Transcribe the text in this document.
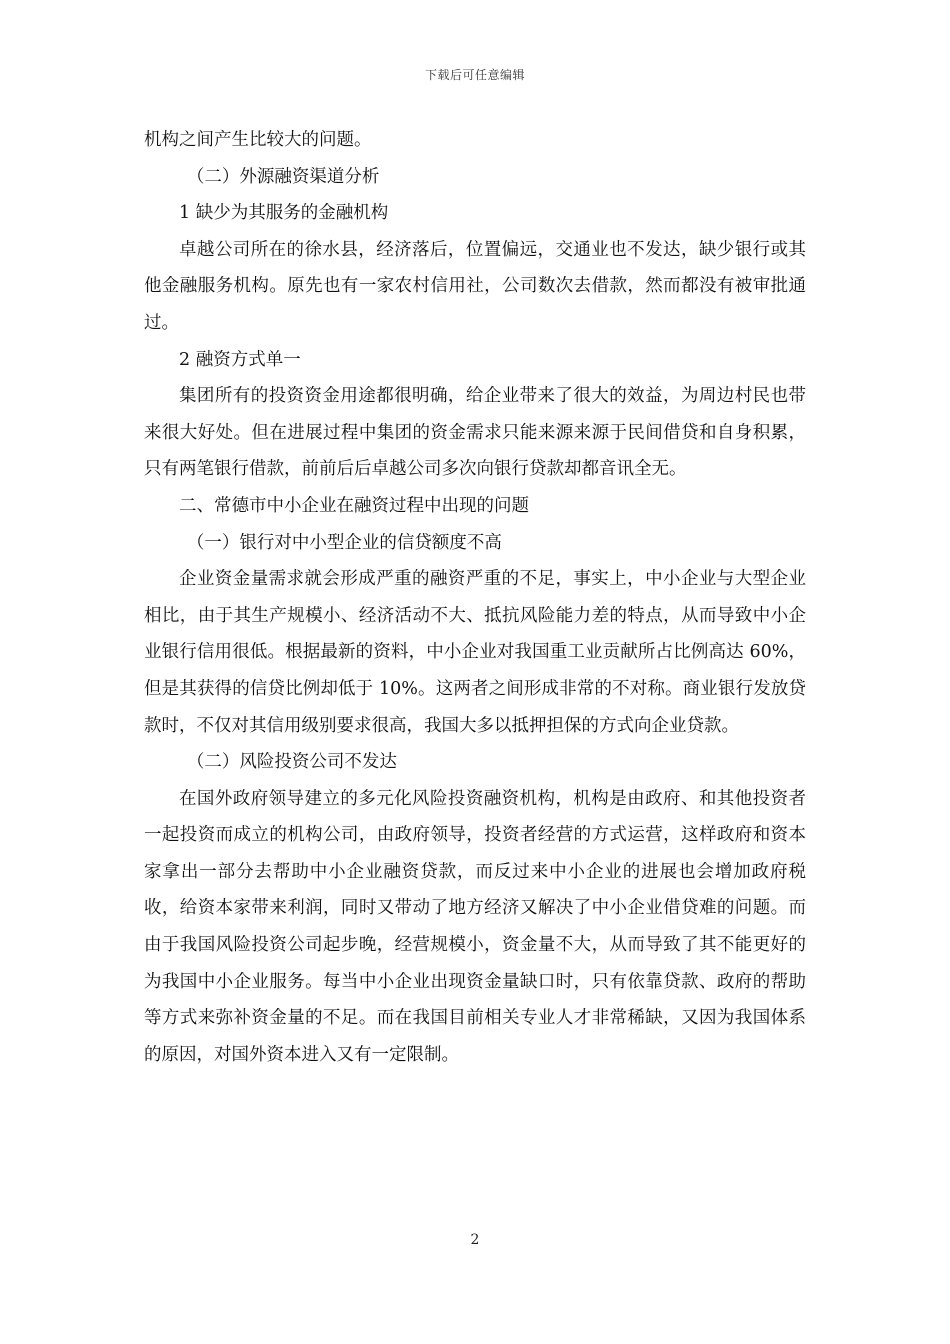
下载后可任意编辑

机构之间产生比较大的问题。

（二）外源融资渠道分析

1 缺少为其服务的金融机构

卓越公司所在的徐水县，经济落后，位置偏远，交通业也不发达，缺少银行或其他金融服务机构。原先也有一家农村信用社，公司数次去借款，然而都没有被审批通过。

2 融资方式单一

集团所有的投资资金用途都很明确，给企业带来了很大的效益，为周边村民也带来很大好处。但在进展过程中集团的资金需求只能来源来源于民间借贷和自身积累，只有两笔银行借款，前前后后卓越公司多次向银行贷款却都音讯全无。

二、常德市中小企业在融资过程中出现的问题

（一）银行对中小型企业的信贷额度不高

企业资金量需求就会形成严重的融资严重的不足，事实上，中小企业与大型企业相比，由于其生产规模小、经济活动不大、抵抗风险能力差的特点，从而导致中小企业银行信用很低。根据最新的资料，中小企业对我国重工业贡献所占比例高达 60%，但是其获得的信贷比例却低于 10%。这两者之间形成非常的不对称。商业银行发放贷款时，不仅对其信用级别要求很高，我国大多以抵押担保的方式向企业贷款。

（二）风险投资公司不发达

在国外政府领导建立的多元化风险投资融资机构，机构是由政府、和其他投资者一起投资而成立的机构公司，由政府领导，投资者经营的方式运营，这样政府和资本家拿出一部分去帮助中小企业融资贷款，而反过来中小企业的进展也会增加政府税收，给资本家带来利润，同时又带动了地方经济又解决了中小企业借贷难的问题。而由于我国风险投资公司起步晚，经营规模小，资金量不大，从而导致了其不能更好的为我国中小企业服务。每当中小企业出现资金量缺口时，只有依靠贷款、政府的帮助等方式来弥补资金量的不足。而在我国目前相关专业人才非常稀缺，又因为我国体系的原因，对国外资本进入又有一定限制。

2
